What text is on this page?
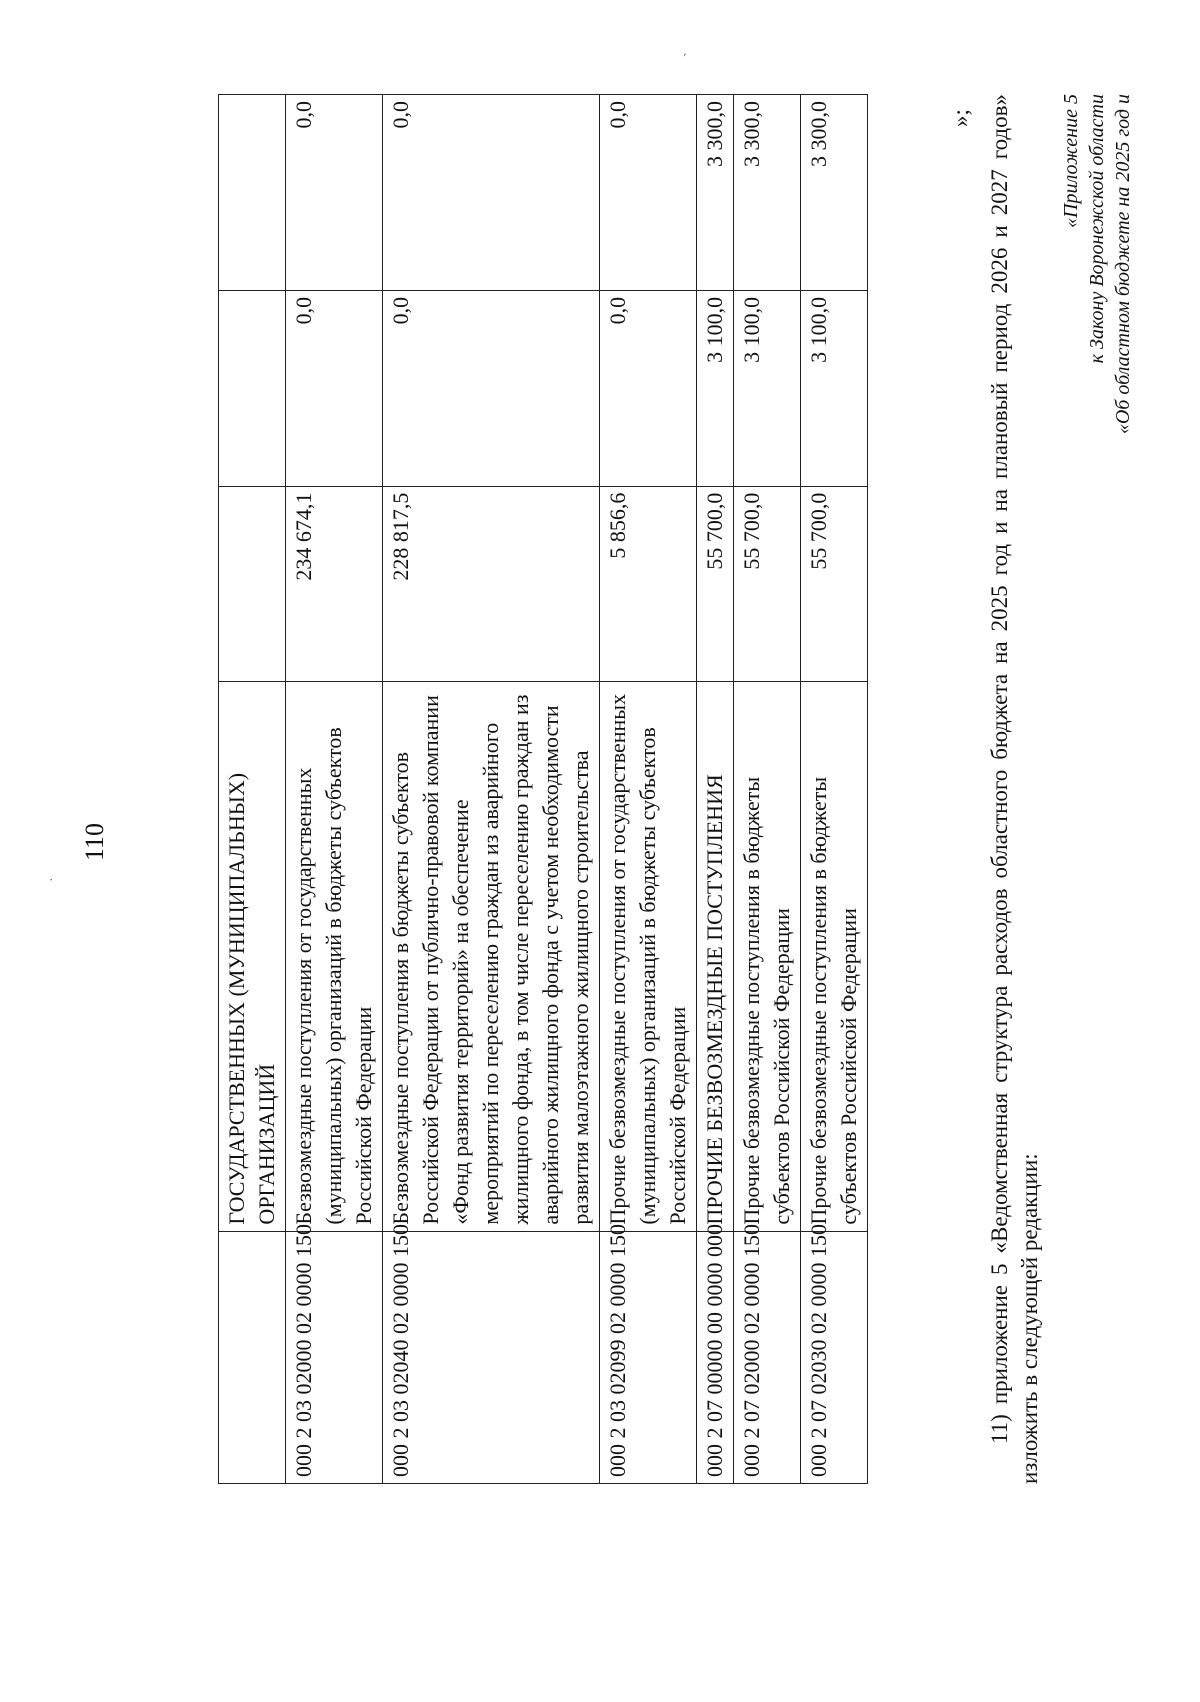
110
		ГОСУДАРСТВЕННЫХ (МУНИЦИПАЛЬНЫХ) ОРГАНИЗАЦИЙ			
000 2 03 02000 02 0000 150	Безвозмездные поступления от государственных (муниципальных) организаций в бюджеты субъектов Российской Федерации	234 674,1	0,0	0,0
000 2 03 02040 02 0000 150	Безвозмездные поступления в бюджеты субъектов Российской Федерации от публично-правовой компании «Фонд развития территорий» на обеспечение мероприятий по переселению граждан из аварийного жилищного фонда, в том числе переселению граждан из аварийного жилищного фонда с учетом необходимости развития малоэтажного жилищного строительства	228 817,5	0,0	0,0
000 2 03 02099 02 0000 150	Прочие безвозмездные поступления от государственных (муниципальных) организаций в бюджеты субъектов Российской Федерации	5 856,6	0,0	0,0
000 2 07 00000 00 0000 000	ПРОЧИЕ БЕЗВОЗМЕЗДНЫЕ ПОСТУПЛЕНИЯ	55 700,0	3 100,0	3 300,0
000 2 07 02000 02 0000 150	Прочие безвозмездные поступления в бюджеты субъектов Российской Федерации	55 700,0	3 100,0	3 300,0
000 2 07 02030 02 0000 150	Прочие безвозмездные поступления в бюджеты субъектов Российской Федерации	55 700,0	3 100,0	3 300,0	»; 11) приложение 5 «Ведомственная структура расходов областного бюджета на 2025 год и на плановый период 2026 и 2027 годов» изложить в следующей редакции:
«Приложение 5 к Закону Воронежской области «Об областном бюджете на 2025 год и
ˎ
·
